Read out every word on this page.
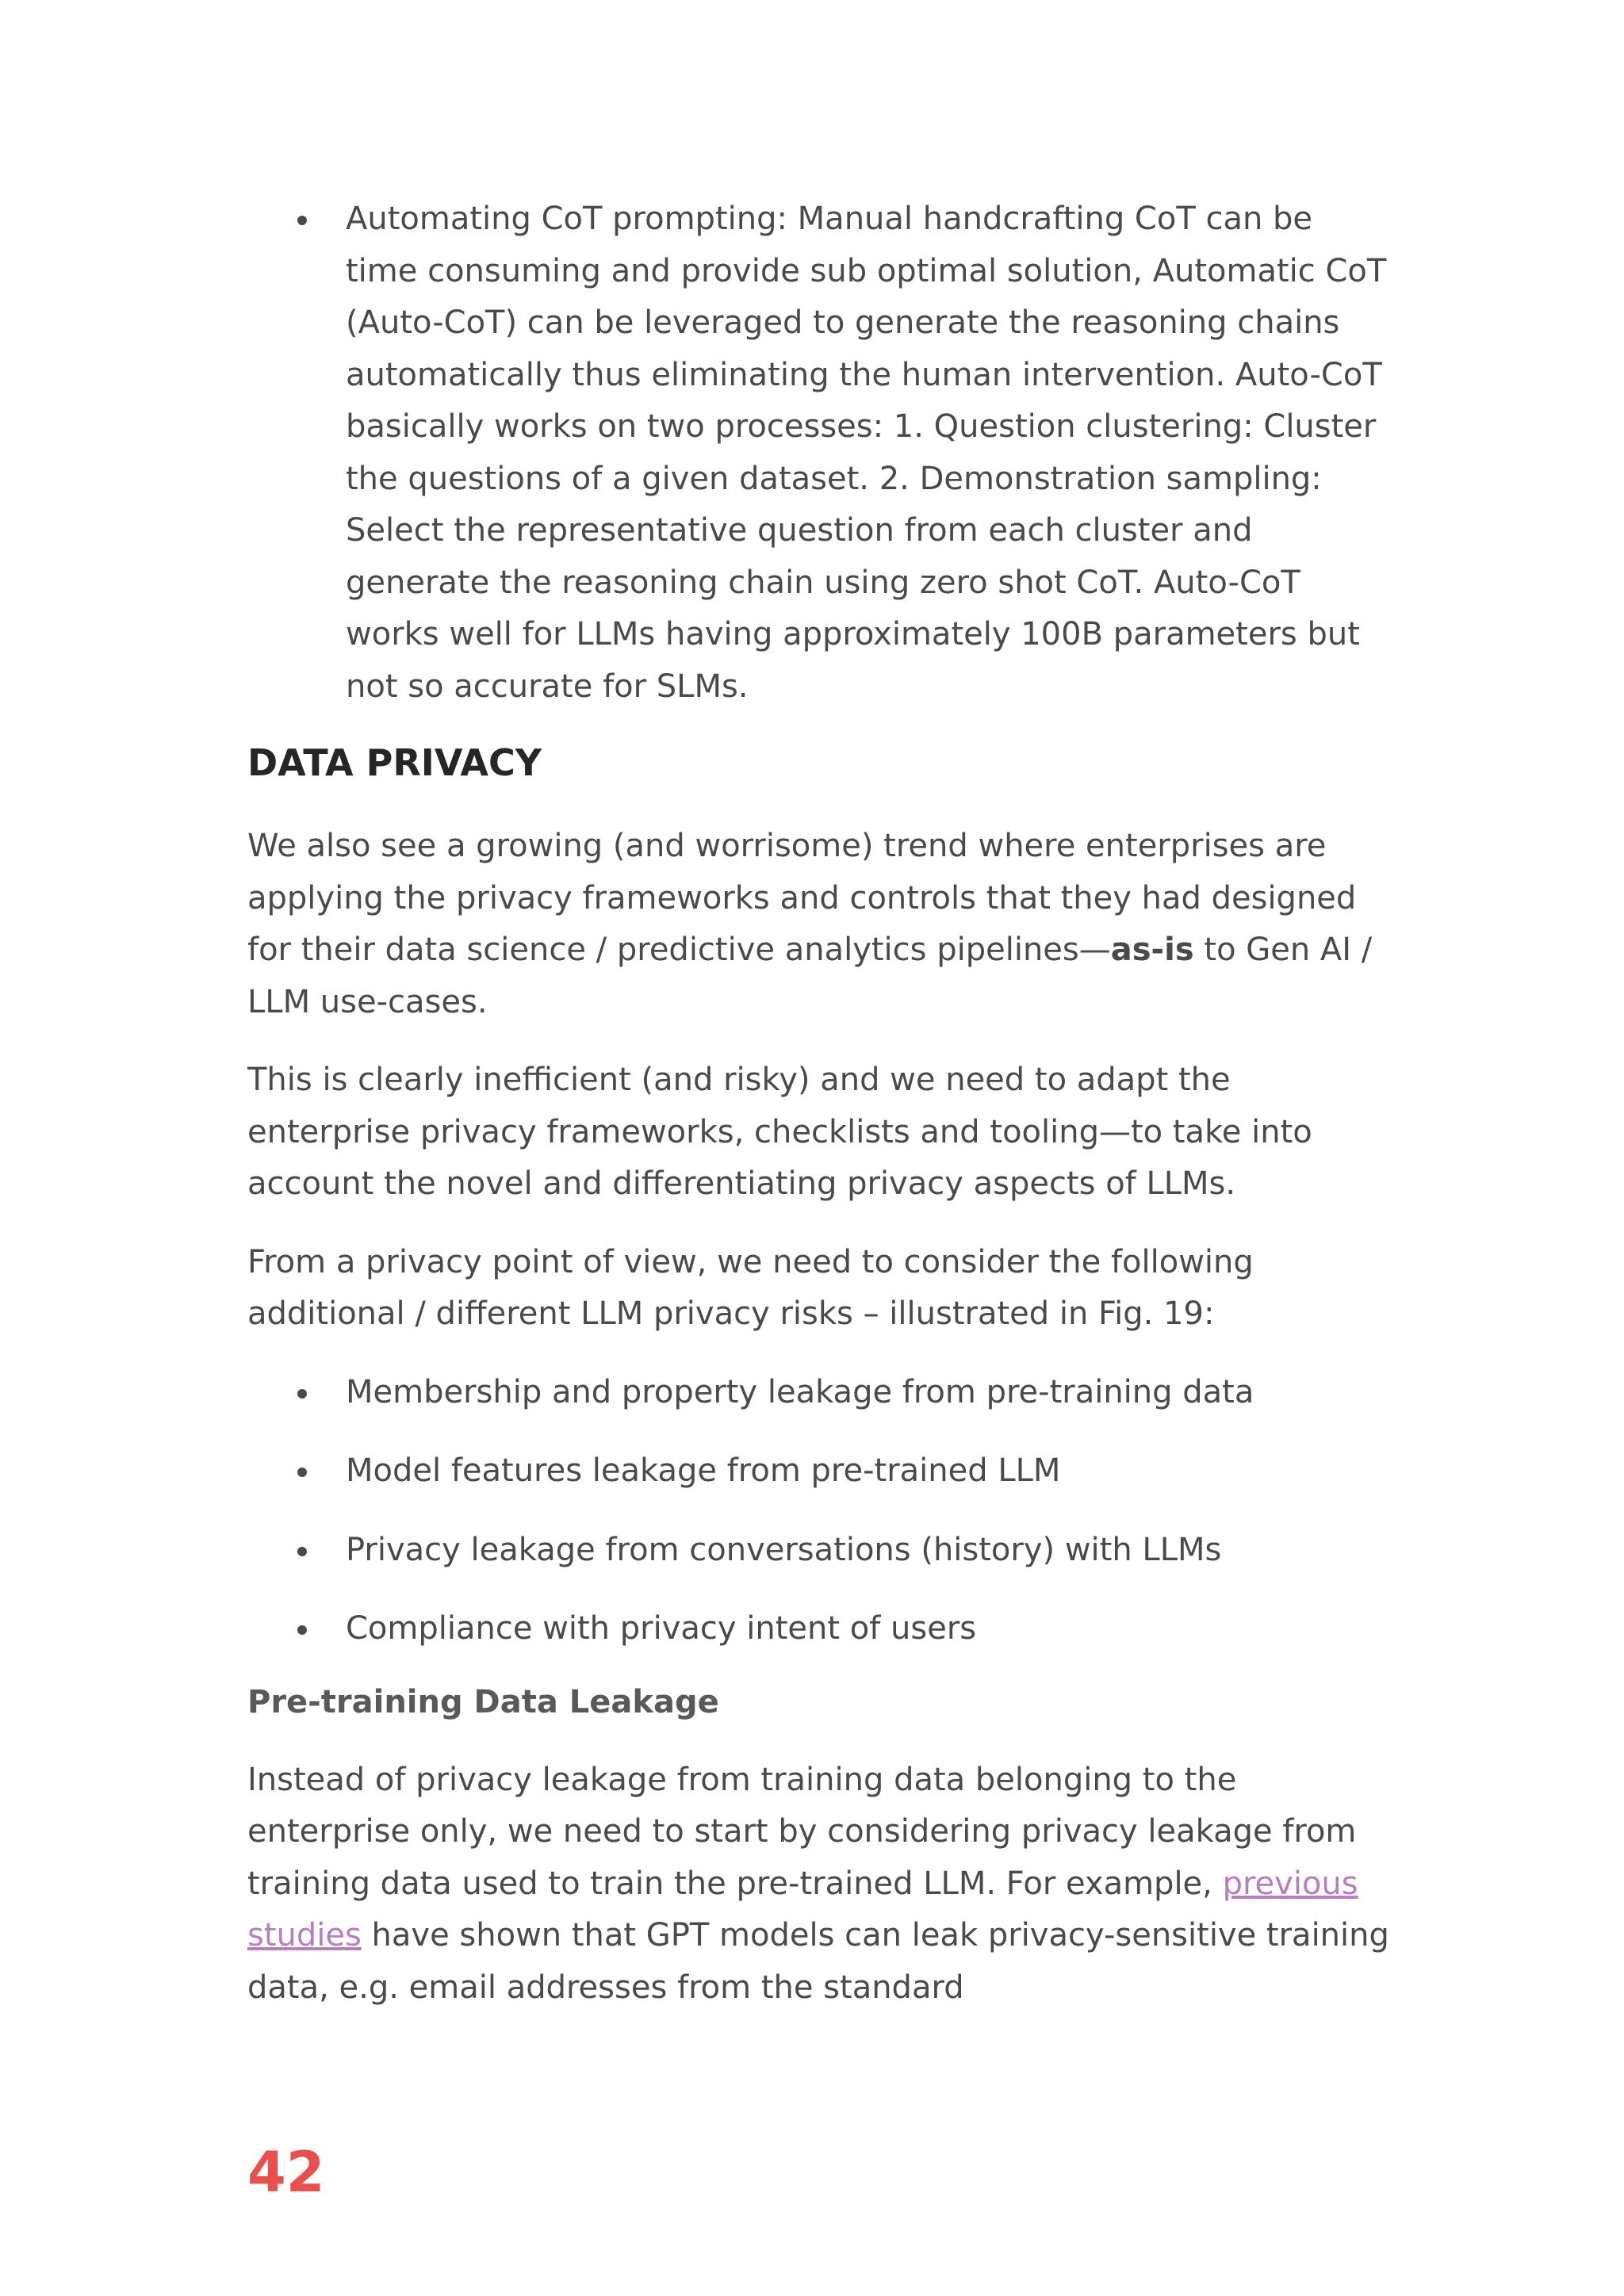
Automating CoT prompting: Manual handcrafting CoT can be time consuming and provide sub optimal solution, Automatic CoT (Auto-CoT) can be leveraged to generate the reasoning chains automatically thus eliminating the human intervention. Auto-CoT basically works on two processes: 1. Question clustering: Cluster the questions of a given dataset. 2. Demonstration sampling: Select the representative question from each cluster and generate the reasoning chain using zero shot CoT. Auto-CoT works well for LLMs having approximately 100B parameters but not so accurate for SLMs.
DATA PRIVACY

We also see a growing (and worrisome) trend where enterprises are applying the privacy frameworks and controls that they had designed for their data science / predictive analytics pipelines—as-is to Gen AI / LLM use-cases.

This is clearly inefficient (and risky) and we need to adapt the enterprise privacy frameworks, checklists and tooling—to take into account the novel and differentiating privacy aspects of LLMs.

From a privacy point of view, we need to consider the following additional / different LLM privacy risks – illustrated in Fig. 19:

Membership and property leakage from pre-training data
Model features leakage from pre-trained LLM
Privacy leakage from conversations (history) with LLMs
Compliance with privacy intent of users
Pre-training Data Leakage

Instead of privacy leakage from training data belonging to the enterprise only, we need to start by considering privacy leakage from training data used to train the pre-trained LLM. For example, previous studies have shown that GPT models can leak privacy-sensitive training data, e.g. email addresses from the standard

42
